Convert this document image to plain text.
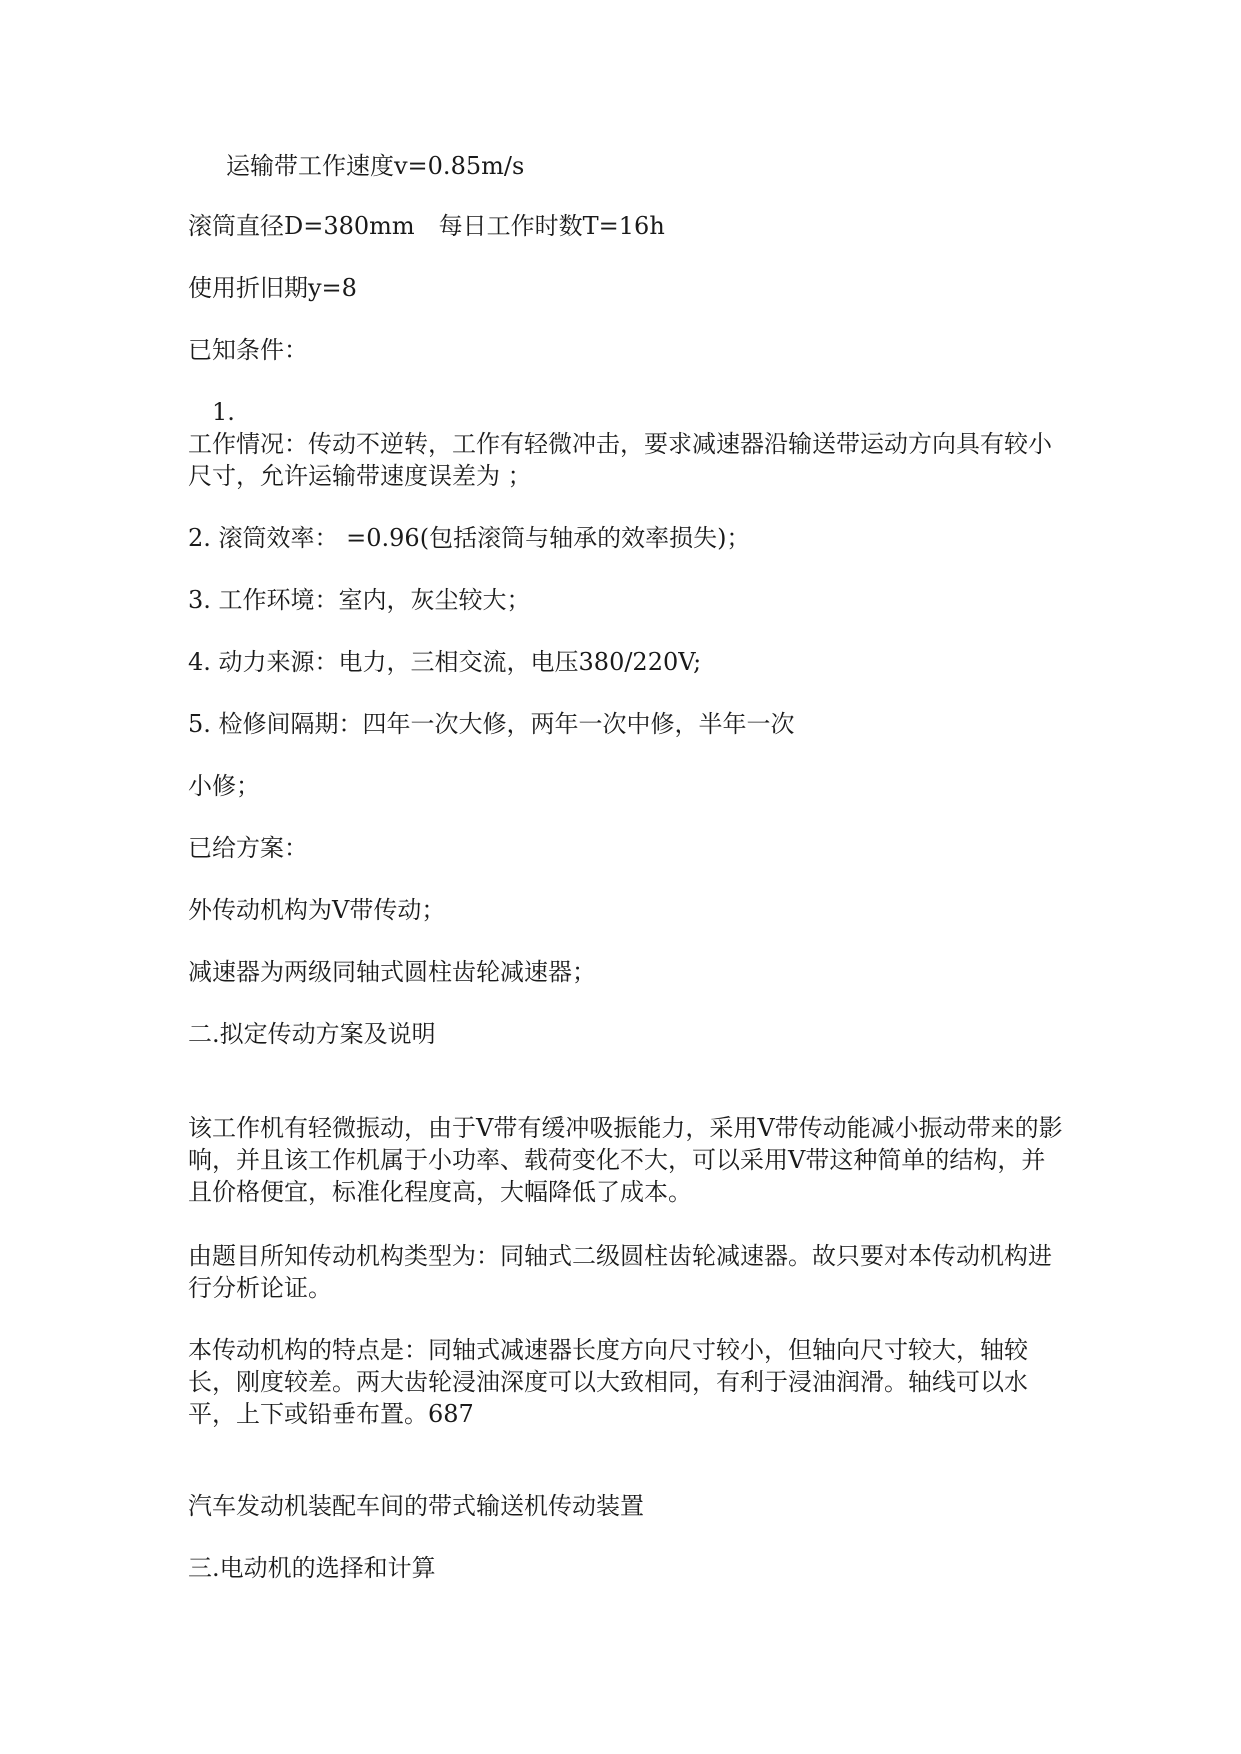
运输带工作速度v=0.85m/s
滚筒直径D=380mm　每日工作时数T=16h
使用折旧期y=8
已知条件：
1.
工作情况：传动不逆转，工作有轻微冲击，要求减速器沿输送带运动方向具有较小尺寸，允许运输带速度误差为 ；
2. 滚筒效率： =0.96(包括滚筒与轴承的效率损失)；
3. 工作环境：室内，灰尘较大；
4. 动力来源：电力，三相交流，电压380/220V;
5. 检修间隔期：四年一次大修，两年一次中修，半年一次
小修；
已给方案：
外传动机构为V带传动；
减速器为两级同轴式圆柱齿轮减速器；
二.拟定传动方案及说明
该工作机有轻微振动，由于V带有缓冲吸振能力，采用V带传动能减小振动带来的影响，并且该工作机属于小功率、载荷变化不大，可以采用V带这种简单的结构，并且价格便宜，标准化程度高，大幅降低了成本。
由题目所知传动机构类型为：同轴式二级圆柱齿轮减速器。故只要对本传动机构进行分析论证。
本传动机构的特点是：同轴式减速器长度方向尺寸较小，但轴向尺寸较大，轴较长，刚度较差。两大齿轮浸油深度可以大致相同，有利于浸油润滑。轴线可以水平，上下或铅垂布置。687
汽车发动机装配车间的带式输送机传动装置
三.电动机的选择和计算
